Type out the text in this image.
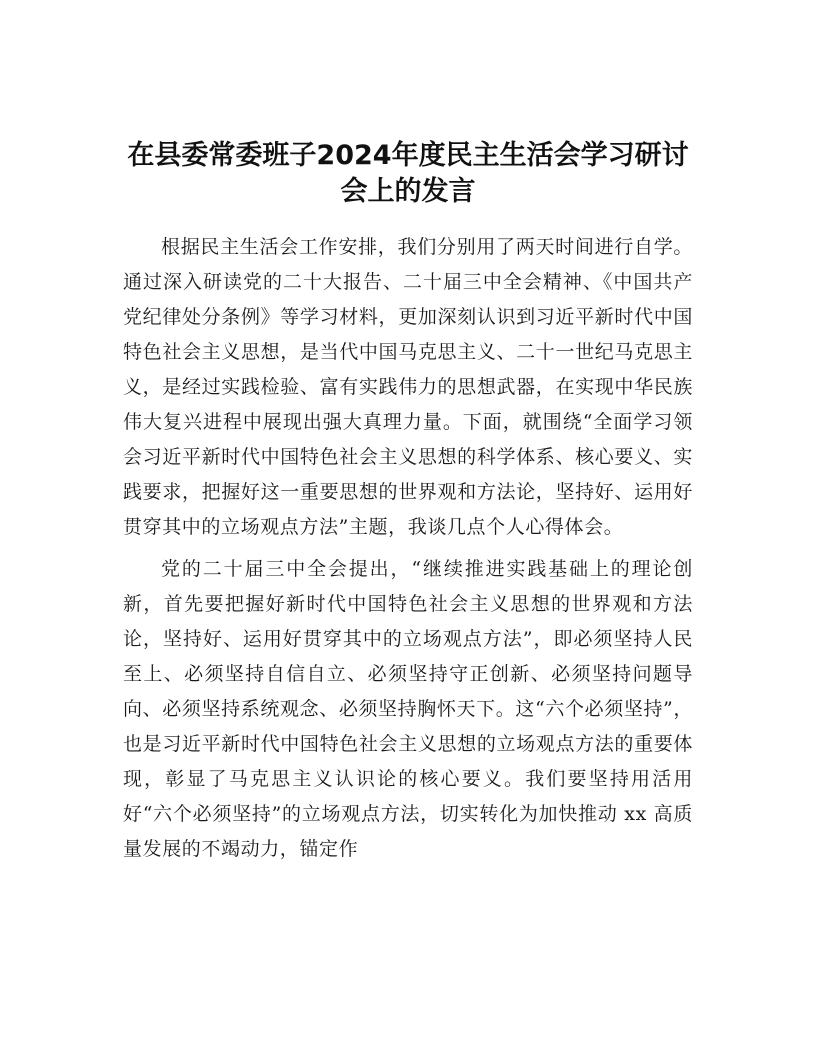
在县委常委班子2024年度民主生活会学习研讨
会上的发言

根据民主生活会工作安排，我们分别用了两天时间进行自学。通过深入研读党的二十大报告、二十届三中全会精神、《中国共产党纪律处分条例》等学习材料，更加深刻认识到习近平新时代中国特色社会主义思想，是当代中国马克思主义、二十一世纪马克思主义，是经过实践检验、富有实践伟力的思想武器，在实现中华民族伟大复兴进程中展现出强大真理力量。下面，就围绕“全面学习领会习近平新时代中国特色社会主义思想的科学体系、核心要义、实践要求，把握好这一重要思想的世界观和方法论，坚持好、运用好贯穿其中的立场观点方法”主题，我谈几点个人心得体会。

党的二十届三中全会提出，“继续推进实践基础上的理论创新，首先要把握好新时代中国特色社会主义思想的世界观和方法论，坚持好、运用好贯穿其中的立场观点方法”，即必须坚持人民至上、必须坚持自信自立、必须坚持守正创新、必须坚持问题导向、必须坚持系统观念、必须坚持胸怀天下。这“六个必须坚持”，也是习近平新时代中国特色社会主义思想的立场观点方法的重要体现，彰显了马克思主义认识论的核心要义。我们要坚持用活用好“六个必须坚持”的立场观点方法，切实转化为加快推动 xx 高质量发展的不竭动力，锚定作
